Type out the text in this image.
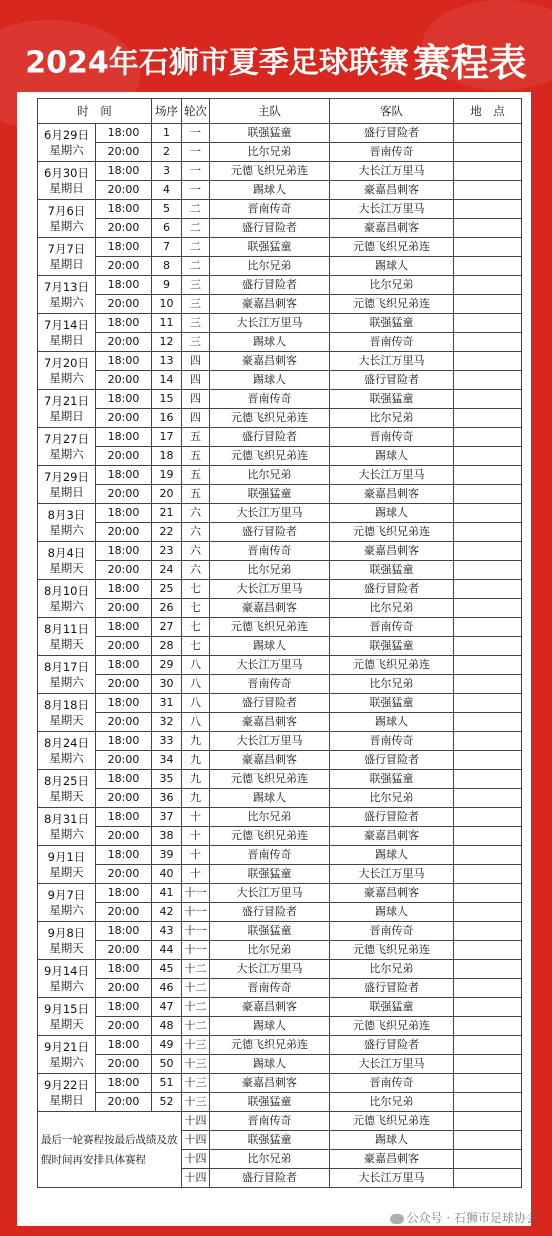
2024年石狮市夏季足球联赛 赛程表
时　间		场序	轮次	主队	客队	地　点

6月29日
星期六	18:00	1	一	联强猛童	盛行冒险者	
	20:00	2	一	比尔兄弟	晋南传奇	

6月30日
星期日	18:00	3	一	元德飞织兄弟连	大长江万里马	
	20:00	4	一	踢球人	豪嘉昌刺客	

7月6日
星期六	18:00	5	二	晋南传奇	大长江万里马	
	20:00	6	二	盛行冒险者	豪嘉昌刺客	

7月7日
星期日	18:00	7	二	联强猛童	元德飞织兄弟连	
	20:00	8	二	比尔兄弟	踢球人	

7月13日
星期六	18:00	9	三	盛行冒险者	比尔兄弟	
	20:00	10	三	豪嘉昌刺客	元德飞织兄弟连	

7月14日
星期日	18:00	11	三	大长江万里马	联强猛童	
	20:00	12	三	踢球人	晋南传奇	

7月20日
星期六	18:00	13	四	豪嘉昌刺客	大长江万里马	
	20:00	14	四	踢球人	盛行冒险者	

7月21日
星期日	18:00	15	四	晋南传奇	联强猛童	
	20:00	16	四	元德飞织兄弟连	比尔兄弟	

7月27日
星期六	18:00	17	五	盛行冒险者	晋南传奇	
	20:00	18	五	元德飞织兄弟连	踢球人	

7月29日
星期日	18:00	19	五	比尔兄弟	大长江万里马	
	20:00	20	五	联强猛童	豪嘉昌刺客	

8月3日
星期六	18:00	21	六	大长江万里马	踢球人	
	20:00	22	六	盛行冒险者	元德飞织兄弟连	

8月4日
星期天	18:00	23	六	晋南传奇	豪嘉昌刺客	
	20:00	24	六	比尔兄弟	联强猛童	

8月10日
星期六	18:00	25	七	大长江万里马	盛行冒险者	
	20:00	26	七	豪嘉昌刺客	比尔兄弟	

8月11日
星期天	18:00	27	七	元德飞织兄弟连	晋南传奇	
	20:00	28	七	踢球人	联强猛童	

8月17日
星期六	18:00	29	八	大长江万里马	元德飞织兄弟连	
	20:00	30	八	晋南传奇	比尔兄弟	

8月18日
星期天	18:00	31	八	盛行冒险者	联强猛童	
	20:00	32	八	豪嘉昌刺客	踢球人	

8月24日
星期六	18:00	33	九	大长江万里马	晋南传奇	
	20:00	34	九	豪嘉昌刺客	盛行冒险者	

8月25日
星期天	18:00	35	九	元德飞织兄弟连	联强猛童	
	20:00	36	九	踢球人	比尔兄弟	

8月31日
星期六	18:00	37	十	比尔兄弟	盛行冒险者	
	20:00	38	十	元德飞织兄弟连	豪嘉昌刺客	

9月1日
星期天	18:00	39	十	晋南传奇	踢球人	
	20:00	40	十	联强猛童	大长江万里马	

9月7日
星期六	18:00	41	十一	大长江万里马	豪嘉昌刺客	
	20:00	42	十一	盛行冒险者	踢球人	

9月8日
星期天	18:00	43	十一	联强猛童	晋南传奇	
	20:00	44	十一	比尔兄弟	元德飞织兄弟连	

9月14日
星期六	18:00	45	十二	大长江万里马	比尔兄弟	
	20:00	46	十二	晋南传奇	盛行冒险者	

9月15日
星期天	18:00	47	十二	豪嘉昌刺客	联强猛童	
	20:00	48	十二	踢球人	元德飞织兄弟连	

9月21日
星期六	18:00	49	十三	元德飞织兄弟连	盛行冒险者	
	20:00	50	十三	踢球人	大长江万里马	

9月22日
星期日	18:00	51	十三	豪嘉昌刺客	晋南传奇	
	20:00	52	十三	联强猛童	比尔兄弟	
最后一轮赛程按最后战绩及放假时间再安排具体赛程			十四	晋南传奇	元德飞织兄弟连	
			十四	联强猛童	踢球人	
			十四	比尔兄弟	豪嘉昌刺客	
			十四	盛行冒险者	大长江万里马	
公众号 · 石狮市足球协会
